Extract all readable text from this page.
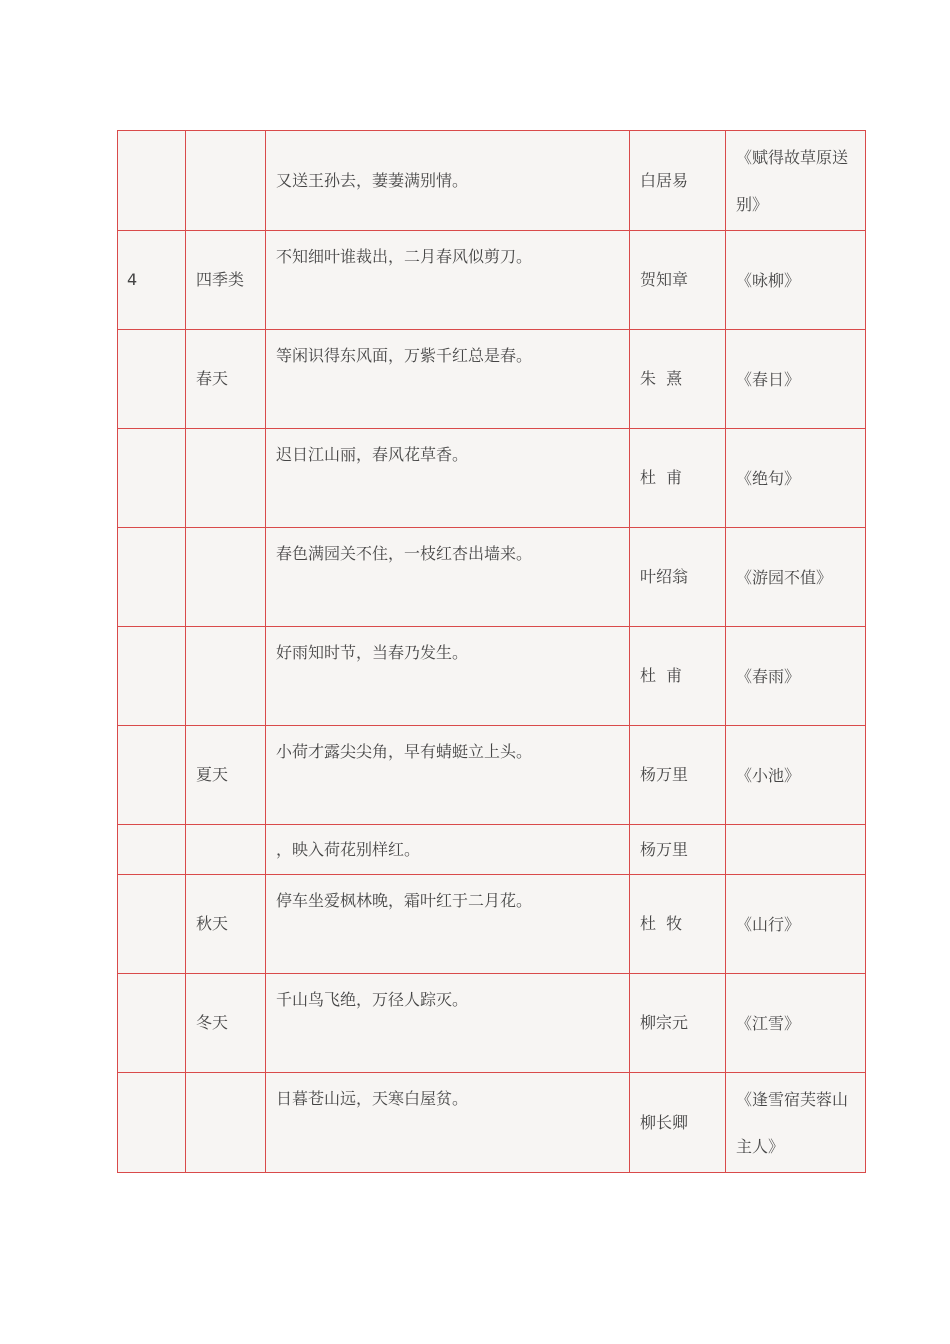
		又送王孙去，萋萋满别情。	白居易	《赋得故草原送别》
4	四季类	不知细叶谁裁出，二月春风似剪刀。	贺知章	《咏柳》
	春天	等闲识得东风面，万紫千红总是春。	朱  熹	《春日》
		迟日江山丽，春风花草香。	杜  甫	《绝句》
		春色满园关不住，一枝红杏出墙来。	叶绍翁	《游园不值》
		好雨知时节，当春乃发生。	杜  甫	《春雨》
	夏天	小荷才露尖尖角，早有蜻蜓立上头。	杨万里	《小池》
		，映入荷花别样红。	杨万里	
	秋天	停车坐爱枫林晚，霜叶红于二月花。	杜  牧	《山行》
	冬天	千山鸟飞绝，万径人踪灭。	柳宗元	《江雪》
		日暮苍山远，天寒白屋贫。	柳长卿	《逢雪宿芙蓉山主人》
